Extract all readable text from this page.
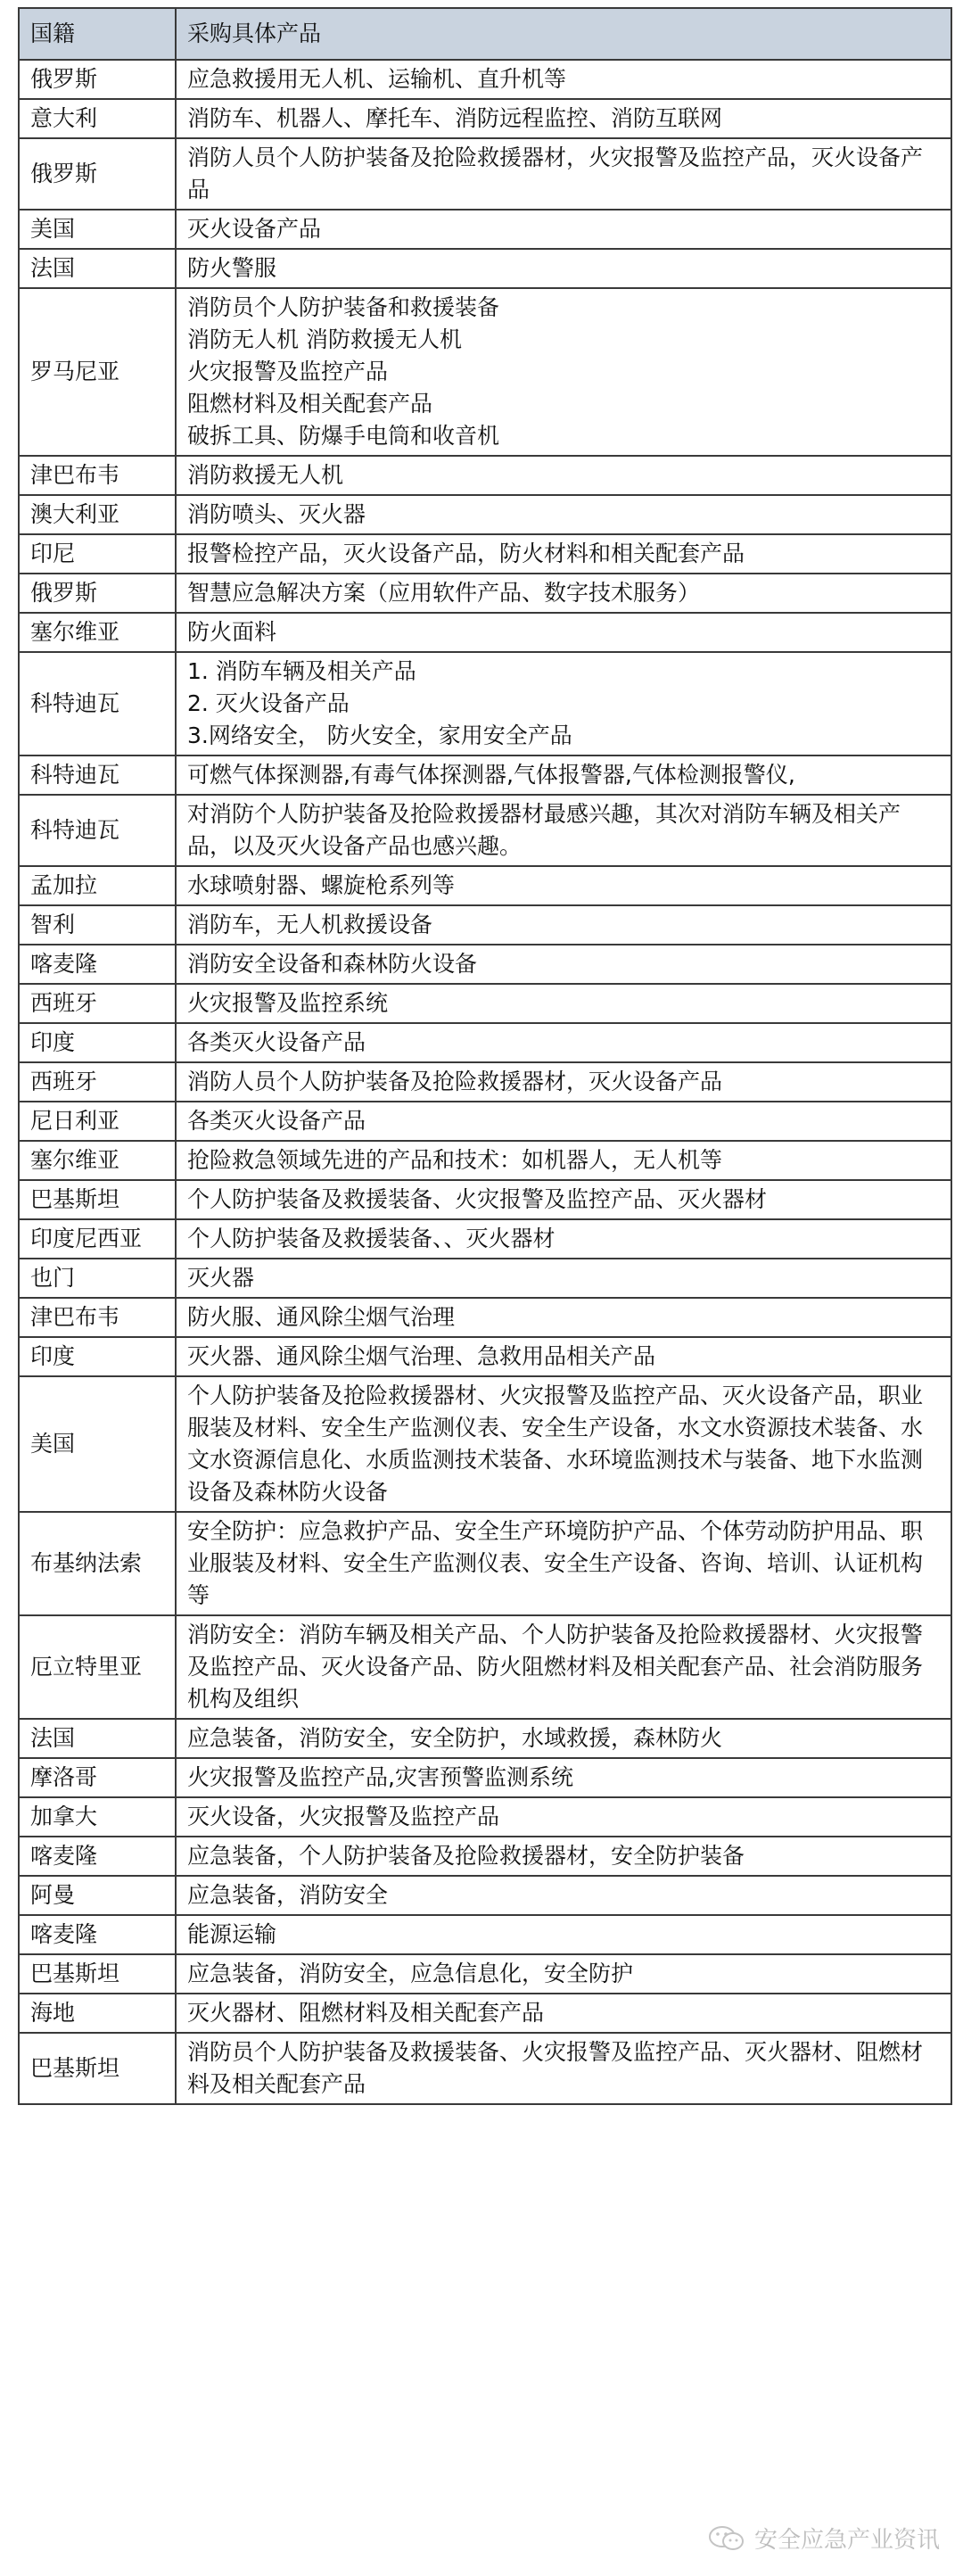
国籍	采购具体产品
俄罗斯	应急救援用无人机、运输机、直升机等
意大利	消防车、机器人、摩托车、消防远程监控、消防互联网
俄罗斯	消防人员个人防护装备及抢险救援器材，火灾报警及监控产品，灭火设备产品
美国	灭火设备产品
法国	防火警服
罗马尼亚	消防员个人防护装备和救援装备
消防无人机 消防救援无人机
火灾报警及监控产品
阻燃材料及相关配套产品
破拆工具、防爆手电筒和收音机
津巴布韦	消防救援无人机
澳大利亚	消防喷头、灭火器
印尼	报警检控产品，灭火设备产品，防火材料和相关配套产品
俄罗斯	智慧应急解决方案（应用软件产品、数字技术服务）
塞尔维亚	防火面料
科特迪瓦	1. 消防车辆及相关产品
2. 灭火设备产品
3.网络安全， 防火安全，家用安全产品
科特迪瓦	可燃气体探测器,有毒气体探测器,气体报警器,气体检测报警仪,
科特迪瓦	对消防个人防护装备及抢险救援器材最感兴趣，其次对消防车辆及相关产品，以及灭火设备产品也感兴趣。
孟加拉	水球喷射器、螺旋枪系列等
智利	消防车，无人机救援设备
喀麦隆	消防安全设备和森林防火设备
西班牙	火灾报警及监控系统
印度	各类灭火设备产品
西班牙	消防人员个人防护装备及抢险救援器材，灭火设备产品
尼日利亚	各类灭火设备产品
塞尔维亚	抢险救急领域先进的产品和技术：如机器人，无人机等
巴基斯坦	个人防护装备及救援装备、火灾报警及监控产品、灭火器材
印度尼西亚	个人防护装备及救援装备、、灭火器材
也门	灭火器
津巴布韦	防火服、通风除尘烟气治理
印度	灭火器、通风除尘烟气治理、急救用品相关产品
美国	个人防护装备及抢险救援器材、火灾报警及监控产品、灭火设备产品，职业服装及材料、安全生产监测仪表、安全生产设备，水文水资源技术装备、水文水资源信息化、水质监测技术装备、水环境监测技术与装备、地下水监测设备及森林防火设备
布基纳法索	安全防护：应急救护产品、安全生产环境防护产品、个体劳动防护用品、职业服装及材料、安全生产监测仪表、安全生产设备、咨询、培训、认证机构等
厄立特里亚	消防安全：消防车辆及相关产品、个人防护装备及抢险救援器材、火灾报警及监控产品、灭火设备产品、防火阻燃材料及相关配套产品、社会消防服务机构及组织
法国	应急装备，消防安全，安全防护，水域救援，森林防火
摩洛哥	火灾报警及监控产品,灾害预警监测系统
加拿大	灭火设备，火灾报警及监控产品
喀麦隆	应急装备，个人防护装备及抢险救援器材，安全防护装备
阿曼	应急装备，消防安全
喀麦隆	能源运输
巴基斯坦	应急装备，消防安全，应急信息化，安全防护
海地	灭火器材、阻燃材料及相关配套产品
巴基斯坦	消防员个人防护装备及救援装备、火灾报警及监控产品、灭火器材、阻燃材料及相关配套产品
安全应急产业资讯
